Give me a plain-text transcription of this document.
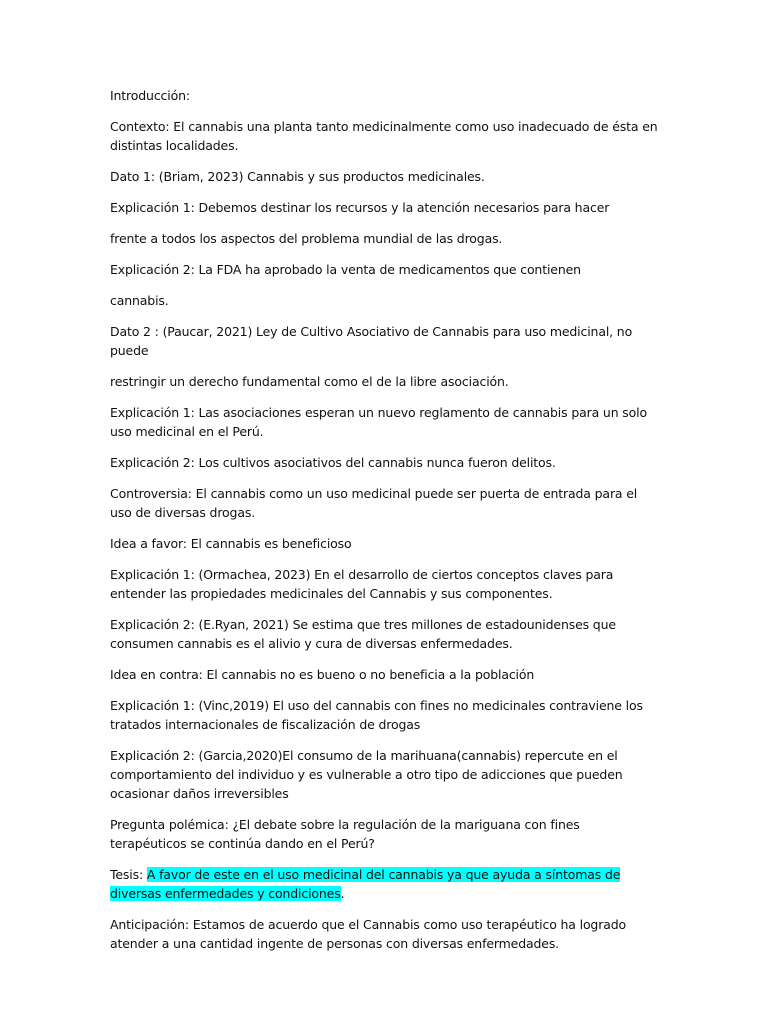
Introducción:

Contexto: El cannabis una planta tanto medicinalmente como uso inadecuado de ésta en distintas localidades.

Dato 1: (Briam, 2023) Cannabis y sus productos medicinales.

Explicación 1: Debemos destinar los recursos y la atención necesarios para hacer

frente a todos los aspectos del problema mundial de las drogas.

Explicación 2: La FDA ha aprobado la venta de medicamentos que contienen

cannabis.

Dato 2 : (Paucar, 2021) Ley de Cultivo Asociativo de Cannabis para uso medicinal, no puede

restringir un derecho fundamental como el de la libre asociación.

Explicación 1: Las asociaciones esperan un nuevo reglamento de cannabis para un solo uso medicinal en el Perú.

Explicación 2: Los cultivos asociativos del cannabis nunca fueron delitos.

Controversia: El cannabis como un uso medicinal puede ser puerta de entrada para el uso de diversas drogas.

Idea a favor: El cannabis es beneficioso

Explicación 1: (Ormachea, 2023) En el desarrollo de ciertos conceptos claves para entender las propiedades medicinales del Cannabis y sus componentes.

Explicación 2: (E.Ryan, 2021) Se estima que tres millones de estadounidenses que consumen cannabis es el alivio y cura de diversas enfermedades.

Idea en contra: El cannabis no es bueno o no beneficia a la población

Explicación 1: (Vinc,2019) El uso del cannabis con fines no medicinales contraviene los tratados internacionales de fiscalización de drogas

Explicación 2: (Garcia,2020)El consumo de la marihuana(cannabis) repercute en el comportamiento del individuo y es vulnerable a otro tipo de adicciones que pueden ocasionar daños irreversibles

Pregunta polémica: ¿El debate sobre la regulación de la mariguana con fines terapéuticos se continúa dando en el Perú?

Tesis: A favor de este en el uso medicinal del cannabis ya que ayuda a síntomas de diversas enfermedades y condiciones.

Anticipación: Estamos de acuerdo que el Cannabis como uso terapéutico ha logrado atender a una cantidad ingente de personas con diversas enfermedades.
